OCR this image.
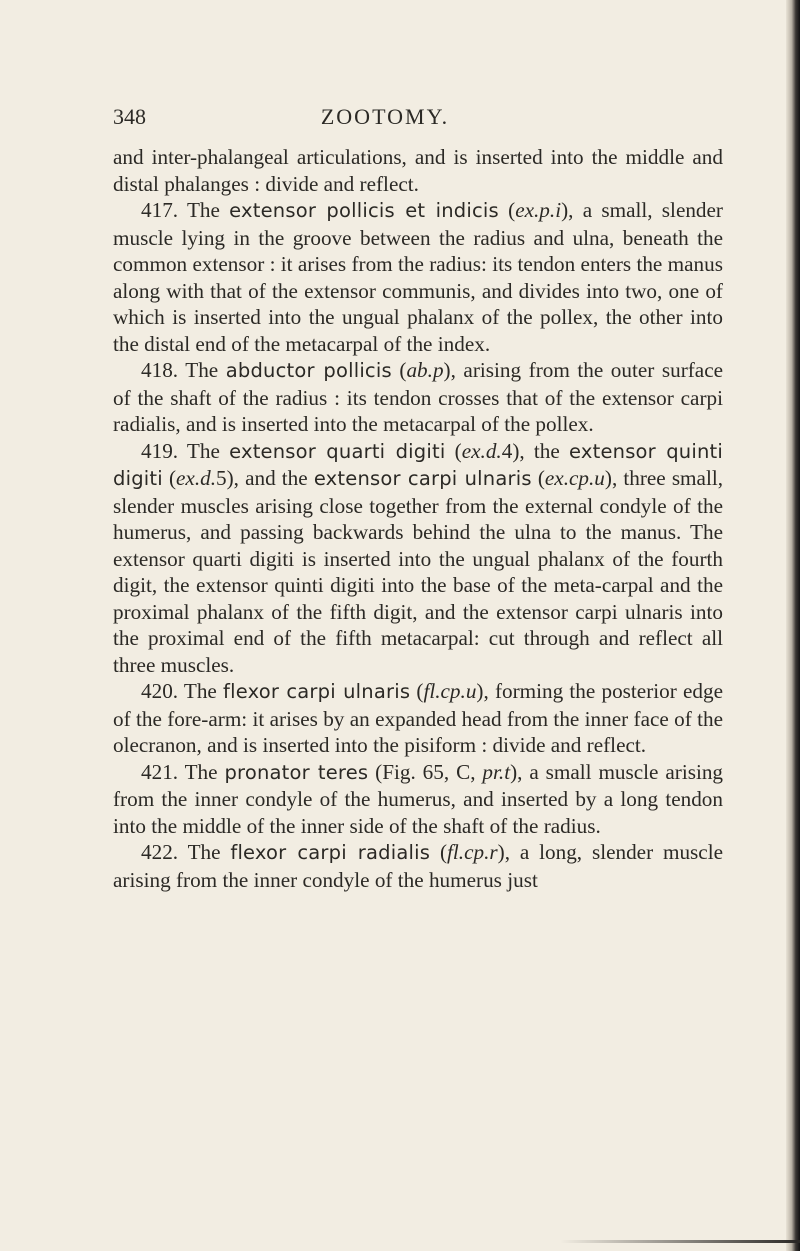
348	ZOOTOMY.

and inter-phalangeal articulations, and is inserted into the middle and distal phalanges : divide and reflect.

417. The extensor pollicis et indicis (ex.p.i), a small, slender muscle lying in the groove between the radius and ulna, beneath the common extensor : it arises from the radius: its tendon enters the manus along with that of the extensor communis, and divides into two, one of which is inserted into the ungual phalanx of the pollex, the other into the distal end of the metacarpal of the index.

418. The abductor pollicis (ab.p), arising from the outer surface of the shaft of the radius : its tendon crosses that of the extensor carpi radialis, and is inserted into the metacarpal of the pollex.

419. The extensor quarti digiti (ex.d.4), the extensor quinti digiti (ex.d.5), and the extensor carpi ulnaris (ex.cp.u), three small, slender muscles arising close together from the external condyle of the humerus, and passing backwards behind the ulna to the manus. The extensor quarti digiti is inserted into the ungual phalanx of the fourth digit, the extensor quinti digiti into the base of the meta-carpal and the proximal phalanx of the fifth digit, and the extensor carpi ulnaris into the proximal end of the fifth metacarpal: cut through and reflect all three muscles.

420. The flexor carpi ulnaris (fl.cp.u), forming the posterior edge of the fore-arm: it arises by an expanded head from the inner face of the olecranon, and is inserted into the pisiform : divide and reflect.

421. The pronator teres (Fig. 65, C, pr.t), a small muscle arising from the inner condyle of the humerus, and inserted by a long tendon into the middle of the inner side of the shaft of the radius.

422. The flexor carpi radialis (fl.cp.r), a long, slender muscle arising from the inner condyle of the humerus just
